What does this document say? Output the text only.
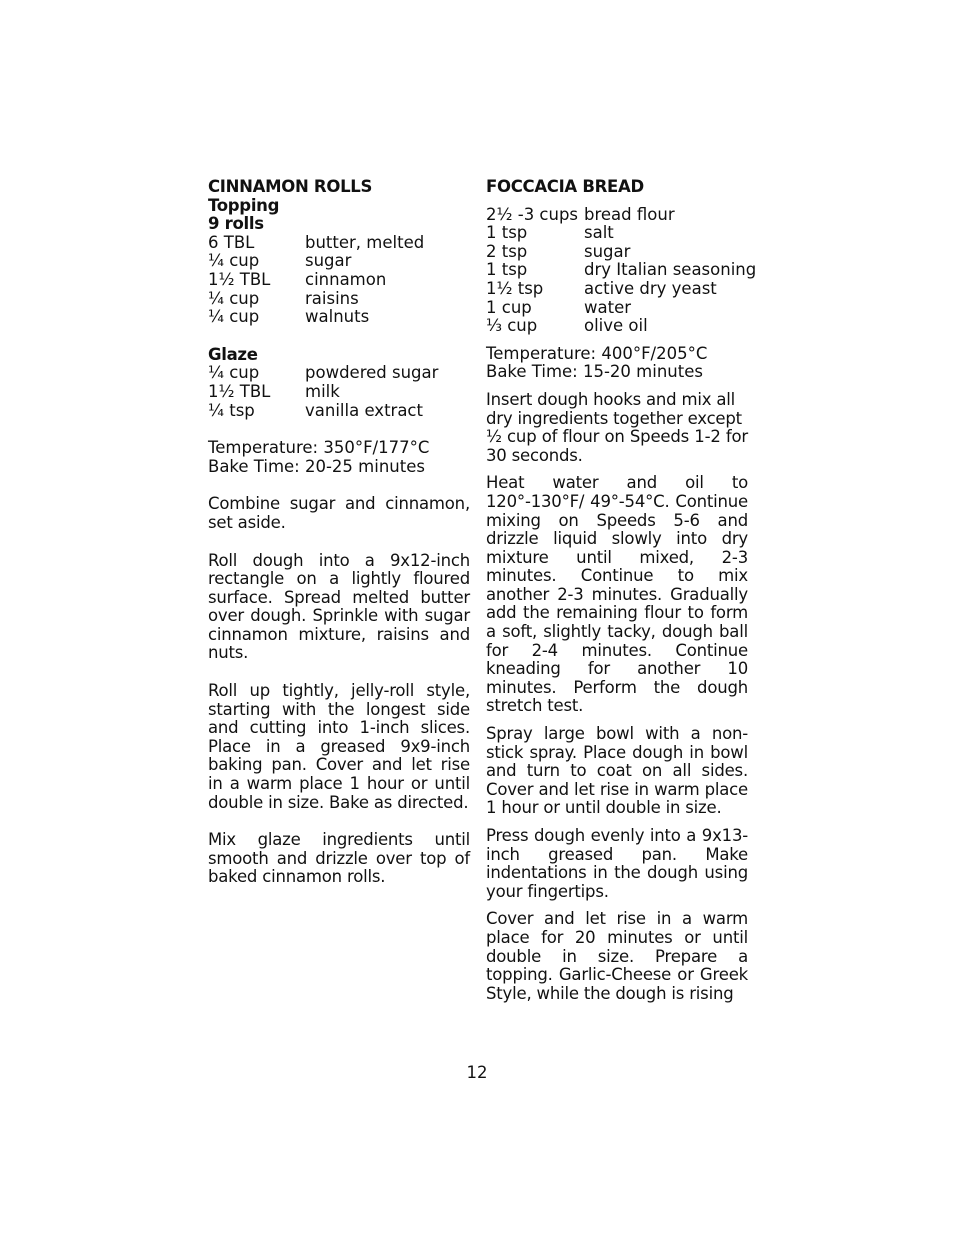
CINNAMON ROLLS
Topping
9 rolls
6 TBL	butter, melted
¼ cup	sugar
1½ TBL	cinnamon
¼ cup	raisins
¼ cup	walnuts
Glaze
¼ cup	powdered sugar
1½ TBL	milk
¼ tsp	vanilla extract
Temperature: 350°F/177°C
Bake Time: 20-25 minutes

Combine sugar and cinnamon, set aside.

Roll dough into a 9x12-inch rectangle on a lightly floured surface. Spread melted butter over dough. Sprinkle with sugar cinnamon mixture, raisins and nuts.

Roll up tightly, jelly-roll style, starting with the longest side and cutting into 1-inch slices. Place in a greased 9x9-inch baking pan. Cover and let rise in a warm place 1 hour or until double in size. Bake as directed.

Mix glaze ingredients until smooth and drizzle over top of baked cinnamon rolls.

FOCCACIA BREAD
2½ -3 cups bread flour
1 tsp	salt
2 tsp	sugar
1 tsp	dry Italian seasoning
1½ tsp	active dry yeast
1 cup	water
⅓ cup	olive oil
Temperature: 400°F/205°C
Bake Time: 15-20 minutes

Insert dough hooks and mix all dry ingredients together except

½ cup of flour on Speeds 1-2 for 30 seconds.

Heat water and oil to 120°-130°F/ 49°-54°C. Continue mixing on Speeds 5-6 and drizzle liquid slowly into dry mixture until mixed, 2-3 minutes. Continue to mix another 2-3 minutes. Gradually add the remaining flour to form a soft, slightly tacky, dough ball for 2-4 minutes. Continue kneading for another 10 minutes. Perform the dough stretch test.

Spray large bowl with a non-stick spray. Place dough in bowl and turn to coat on all sides. Cover and let rise in warm place 1 hour or until double in size.

Press dough evenly into a 9x13-inch greased pan. Make indentations in the dough using your fingertips.

Cover and let rise in a warm place for 20 minutes or until double in size. Prepare a topping. Garlic-Cheese or Greek Style, while the dough is rising

12
